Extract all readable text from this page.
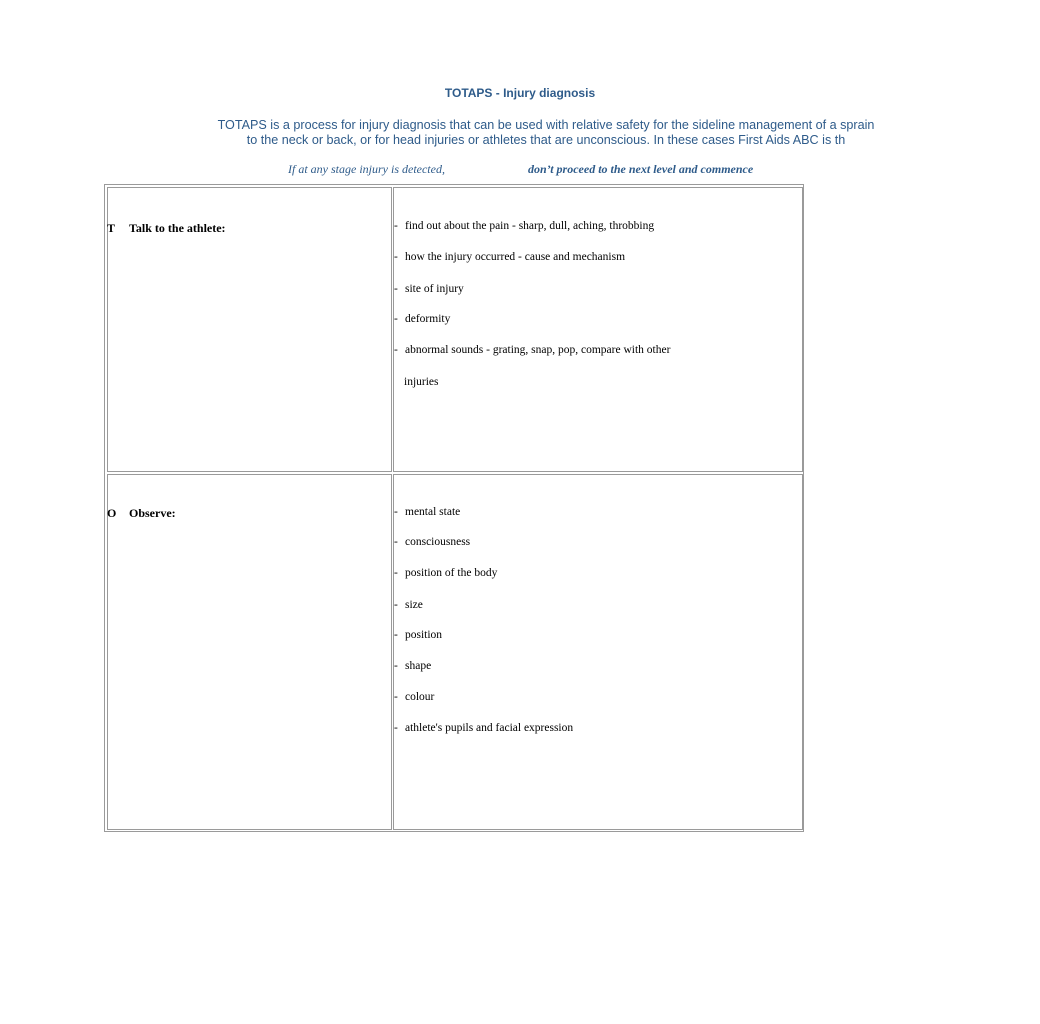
TOTAPS - Injury diagnosis
TOTAPS is a process for injury diagnosis that can be used with relative safety for the sideline management of a sprain
to the neck or back, or for head injuries or athletes that are unconscious. In these cases First Aids ABC is th
If at any stage injury is detected,	don’t proceed to the next level and commence
T Talk to the athlete:	- find out about the pain - sharp, dull, aching, throbbing
- how the injury occurred - cause and mechanism
- site of injury
- deformity
- abnormal sounds - grating, snap, pop, compare with other
injuries
O Observe:	- mental state
- consciousness
- position of the body
- size
- position
- shape
- colour
- athlete's pupils and facial expression
